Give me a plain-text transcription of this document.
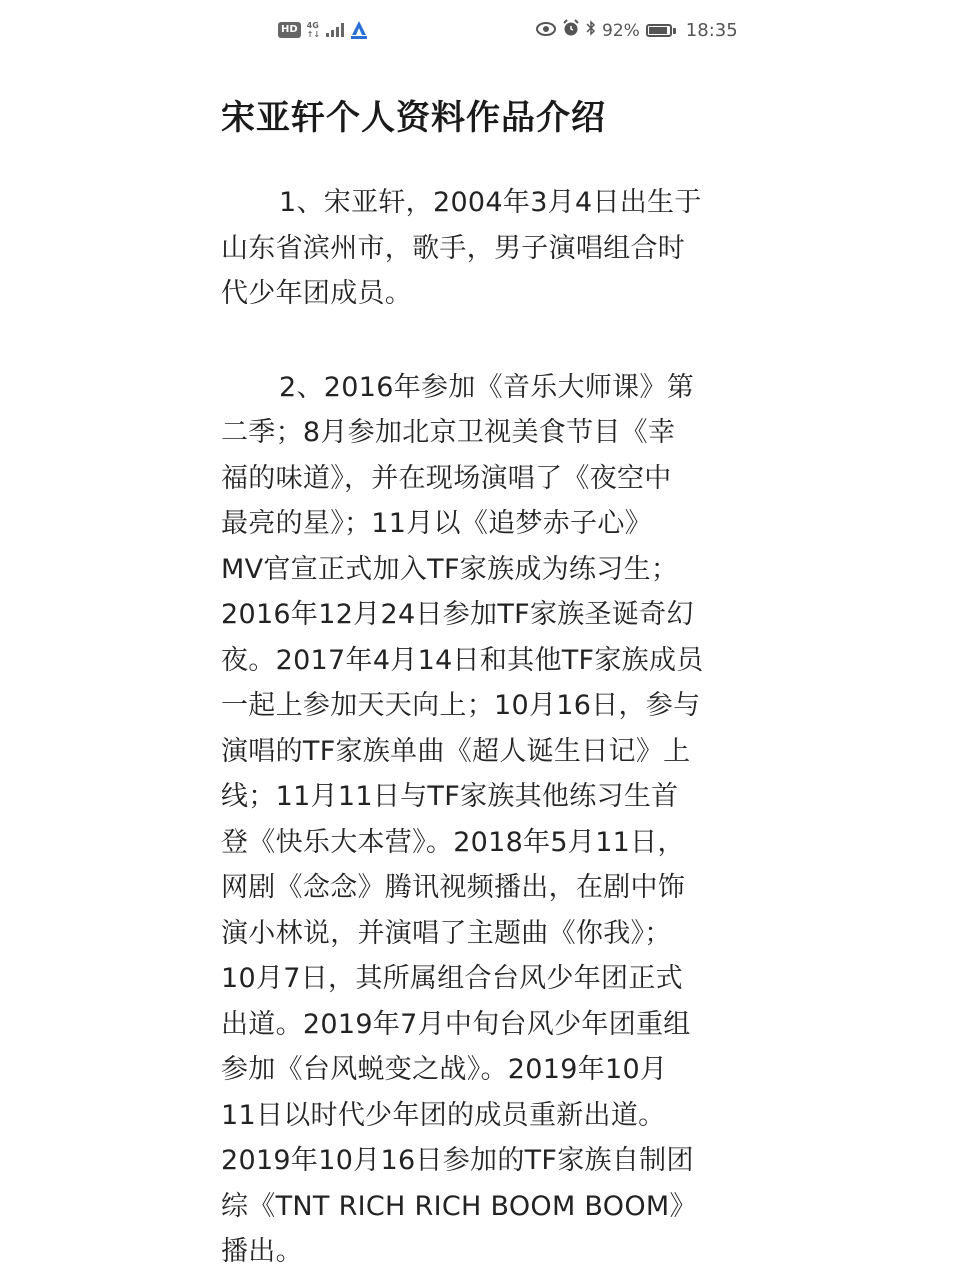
HD	4G
↑↓	92%	18:35
宋亚轩个人资料作品介绍
1、宋亚轩，2004年3月4日出生于
山东省滨州市，歌手，男子演唱组合时
代少年团成员。
2、2016年参加《音乐大师课》第
二季；8月参加北京卫视美食节目《幸
福的味道》，并在现场演唱了《夜空中
最亮的星》；11月以《追梦赤子心》
MV官宣正式加入TF家族成为练习生；
2016年12月24日参加TF家族圣诞奇幻
夜。2017年4月14日和其他TF家族成员
一起上参加天天向上；10月16日，参与
演唱的TF家族单曲《超人诞生日记》上
线；11月11日与TF家族其他练习生首
登《快乐大本营》。2018年5月11日，
网剧《念念》腾讯视频播出，在剧中饰
演小林说，并演唱了主题曲《你我》；
10月7日，其所属组合台风少年团正式
出道。2019年7月中旬台风少年团重组
参加《台风蜕变之战》。2019年10月
11日以时代少年团的成员重新出道。
2019年10月16日参加的TF家族自制团
综《TNT RICH RICH BOOM BOOM》
播出。
